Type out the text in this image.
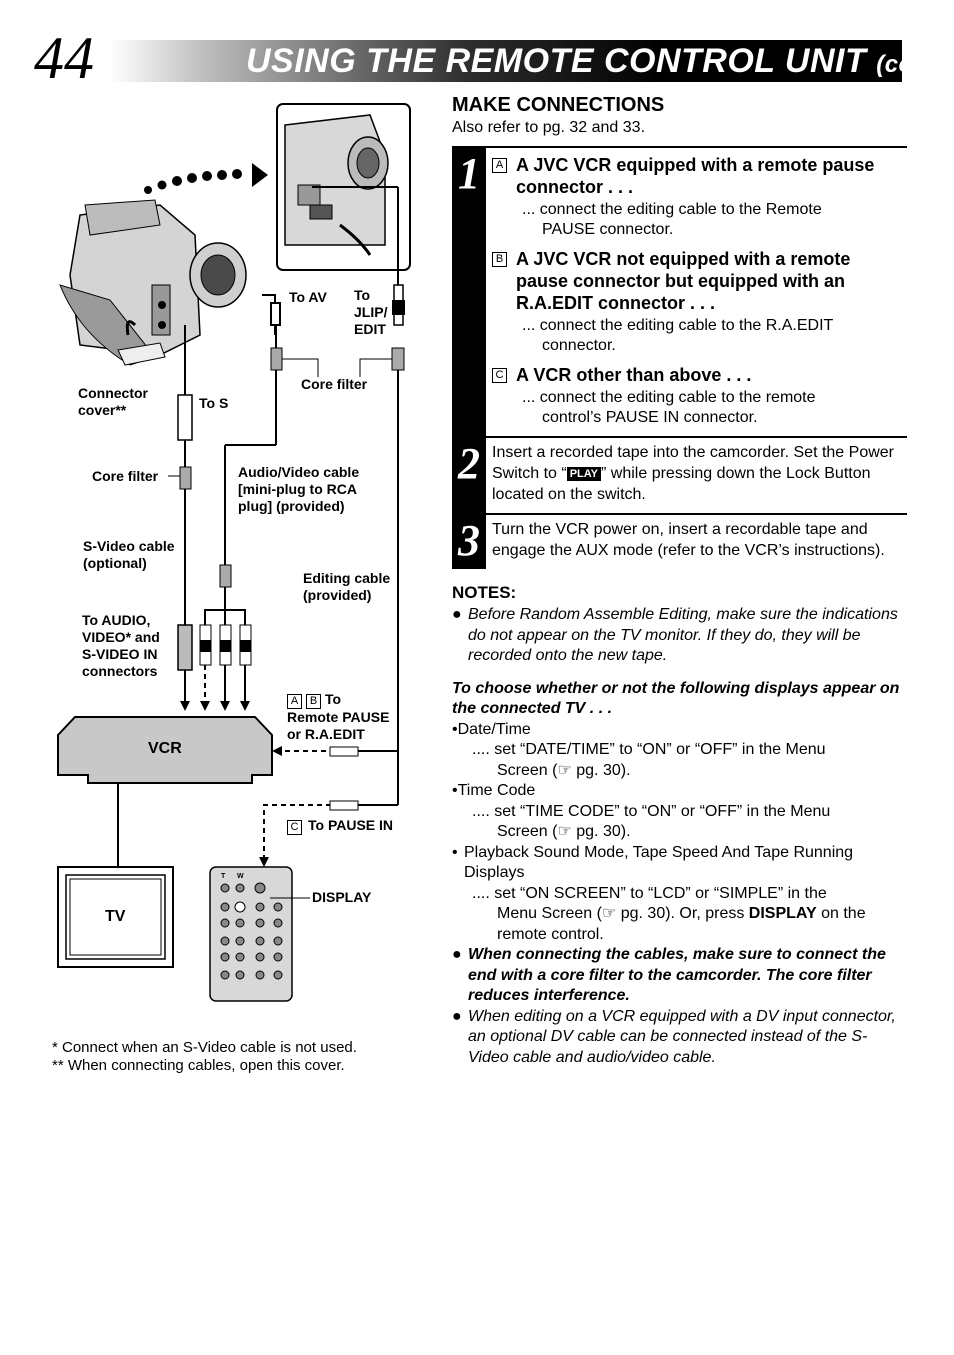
44	USING THE REMOTE CONTROL UNIT (cont.)
To AV To
JLIP/
EDIT
Core filter
Connector
cover**	To S
Core filter	Audio/Video cable
[mini-plug to RCA
plug] (provided)
S-Video cable
(optional)
Editing cable
(provided)
To AUDIO,
VIDEO* and
S-VIDEO IN
connectors
A B To
Remote PAUSE
or R.A.EDIT
VCR
C To PAUSE IN
DISPLAY
TV
T W
* Connect when an S-Video cable is not used.
** When connecting cables, open this cover.

MAKE CONNECTIONS

Also refer to pg. 32 and 33.

1	A A JVC VCR equipped with a remote pause connector . . .
... connect the editing cable to the Remote
PAUSE connector.
B A JVC VCR not equipped with a remote pause connector but equipped with an R.A.EDIT connector . . .
... connect the editing cable to the R.A.EDIT
connector.
C A VCR other than above . . .
... connect the editing cable to the remote
control’s PAUSE IN connector.
2 Insert a recorded tape into the camcorder. Set the Power Switch to “ PLAY ” while pressing down the Lock Button located on the switch.
3 Turn the VCR power on, insert a recordable tape and engage the AUX mode (refer to the VCR’s instructions).
NOTES:
● Before Random Assemble Editing, make sure the indications do not appear on the TV monitor. If they do, they will be recorded onto the new tape.
To choose whether or not the following displays appear on the connected TV . . .
•Date/Time
.... set “DATE/TIME” to “ON” or “OFF” in the Menu
Screen (☞ pg. 30).
•Time Code
.... set “TIME CODE” to “ON” or “OFF” in the Menu
Screen (☞ pg. 30).
• Playback Sound Mode, Tape Speed And Tape Running Displays
.... set “ON SCREEN” to “LCD” or “SIMPLE” in the
Menu Screen (☞ pg. 30). Or, press DISPLAY on the
remote control.
● When connecting the cables, make sure to connect the end with a core filter to the camcorder. The core filter reduces interference.
● When editing on a VCR equipped with a DV input connector, an optional DV cable can be connected instead of the S-Video cable and audio/video cable.
